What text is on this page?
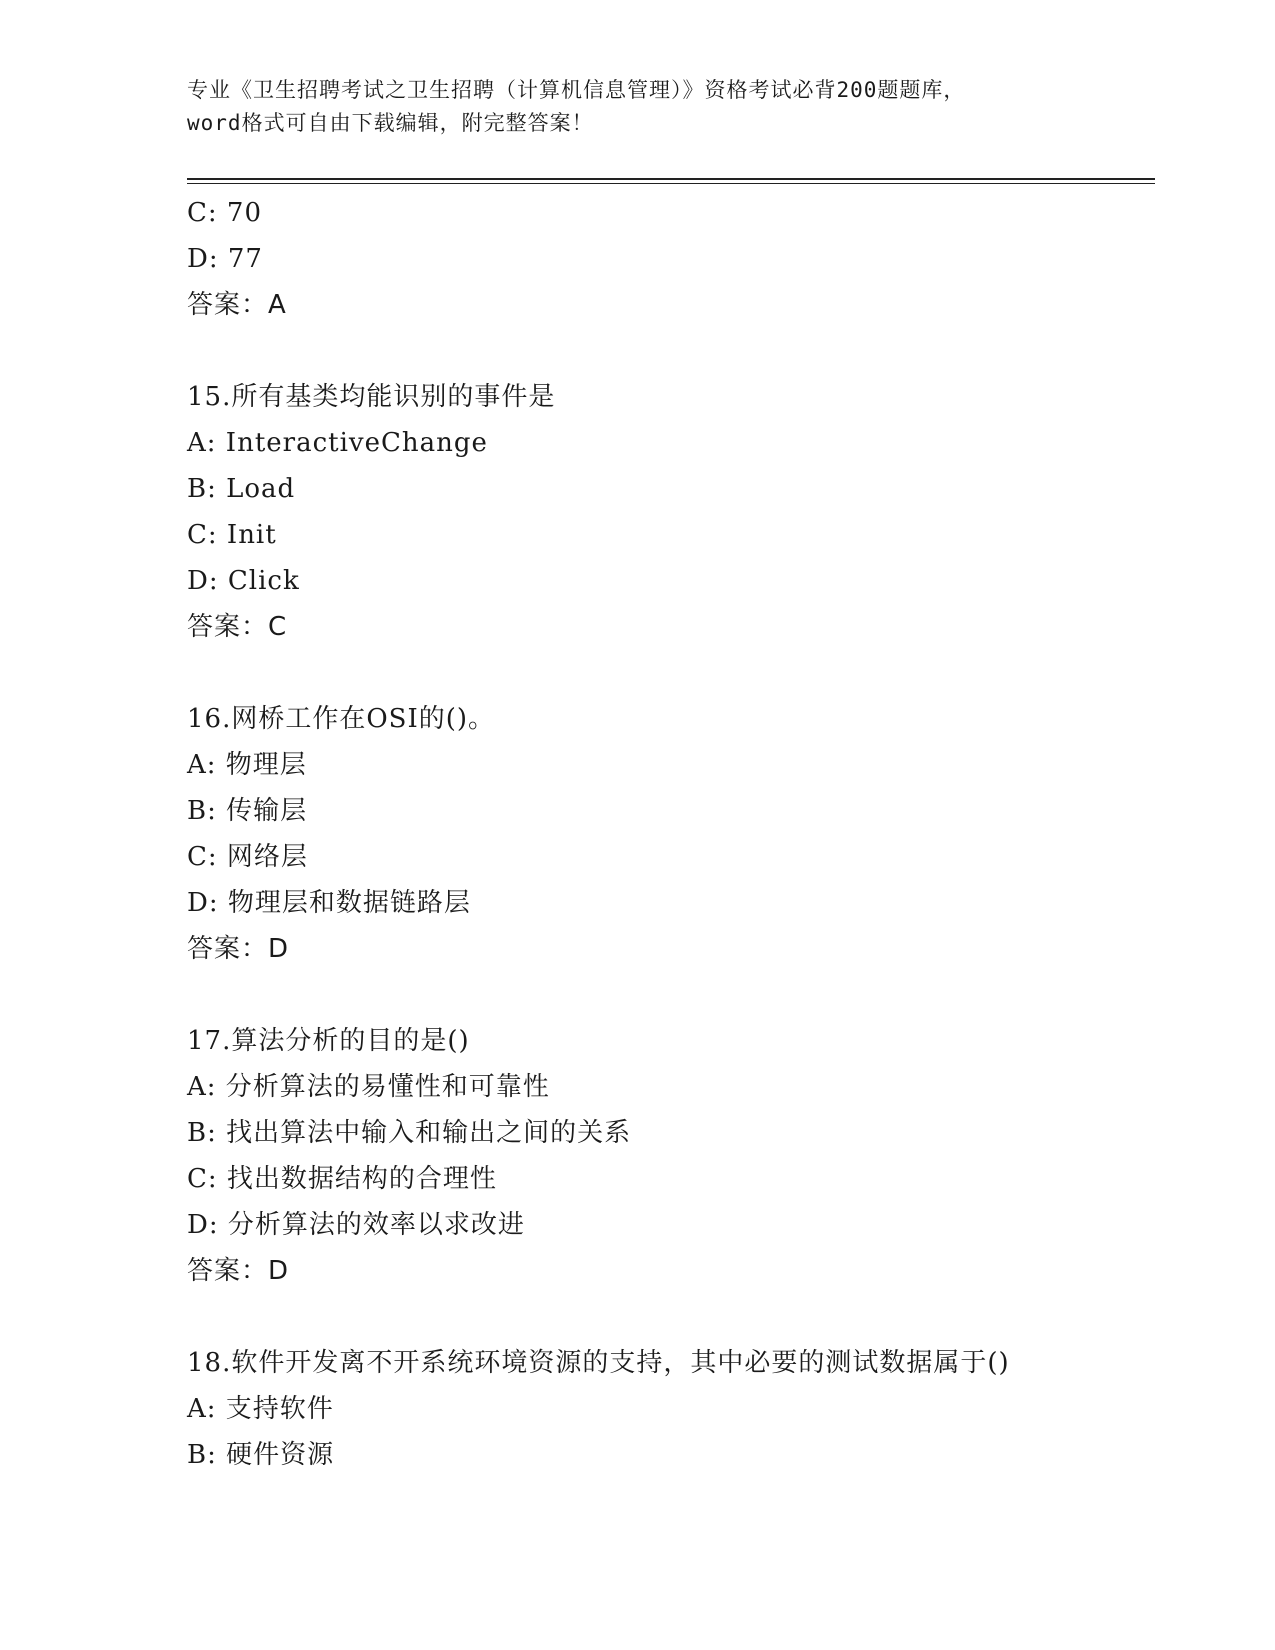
专业《卫生招聘考试之卫生招聘（计算机信息管理）》资格考试必背200题题库，
word格式可自由下载编辑，附完整答案！
C: 70
D: 77
答案：A
15.所有基类均能识别的事件是
A: InteractiveChange
B: Load
C: Init
D: Click
答案：C
16.网桥工作在OSI的()。
A: 物理层
B: 传输层
C: 网络层
D: 物理层和数据链路层
答案：D
17.算法分析的目的是()
A: 分析算法的易懂性和可靠性
B: 找出算法中输入和输出之间的关系
C: 找出数据结构的合理性
D: 分析算法的效率以求改进
答案：D
18.软件开发离不开系统环境资源的支持，其中必要的测试数据属于()
A: 支持软件
B: 硬件资源
